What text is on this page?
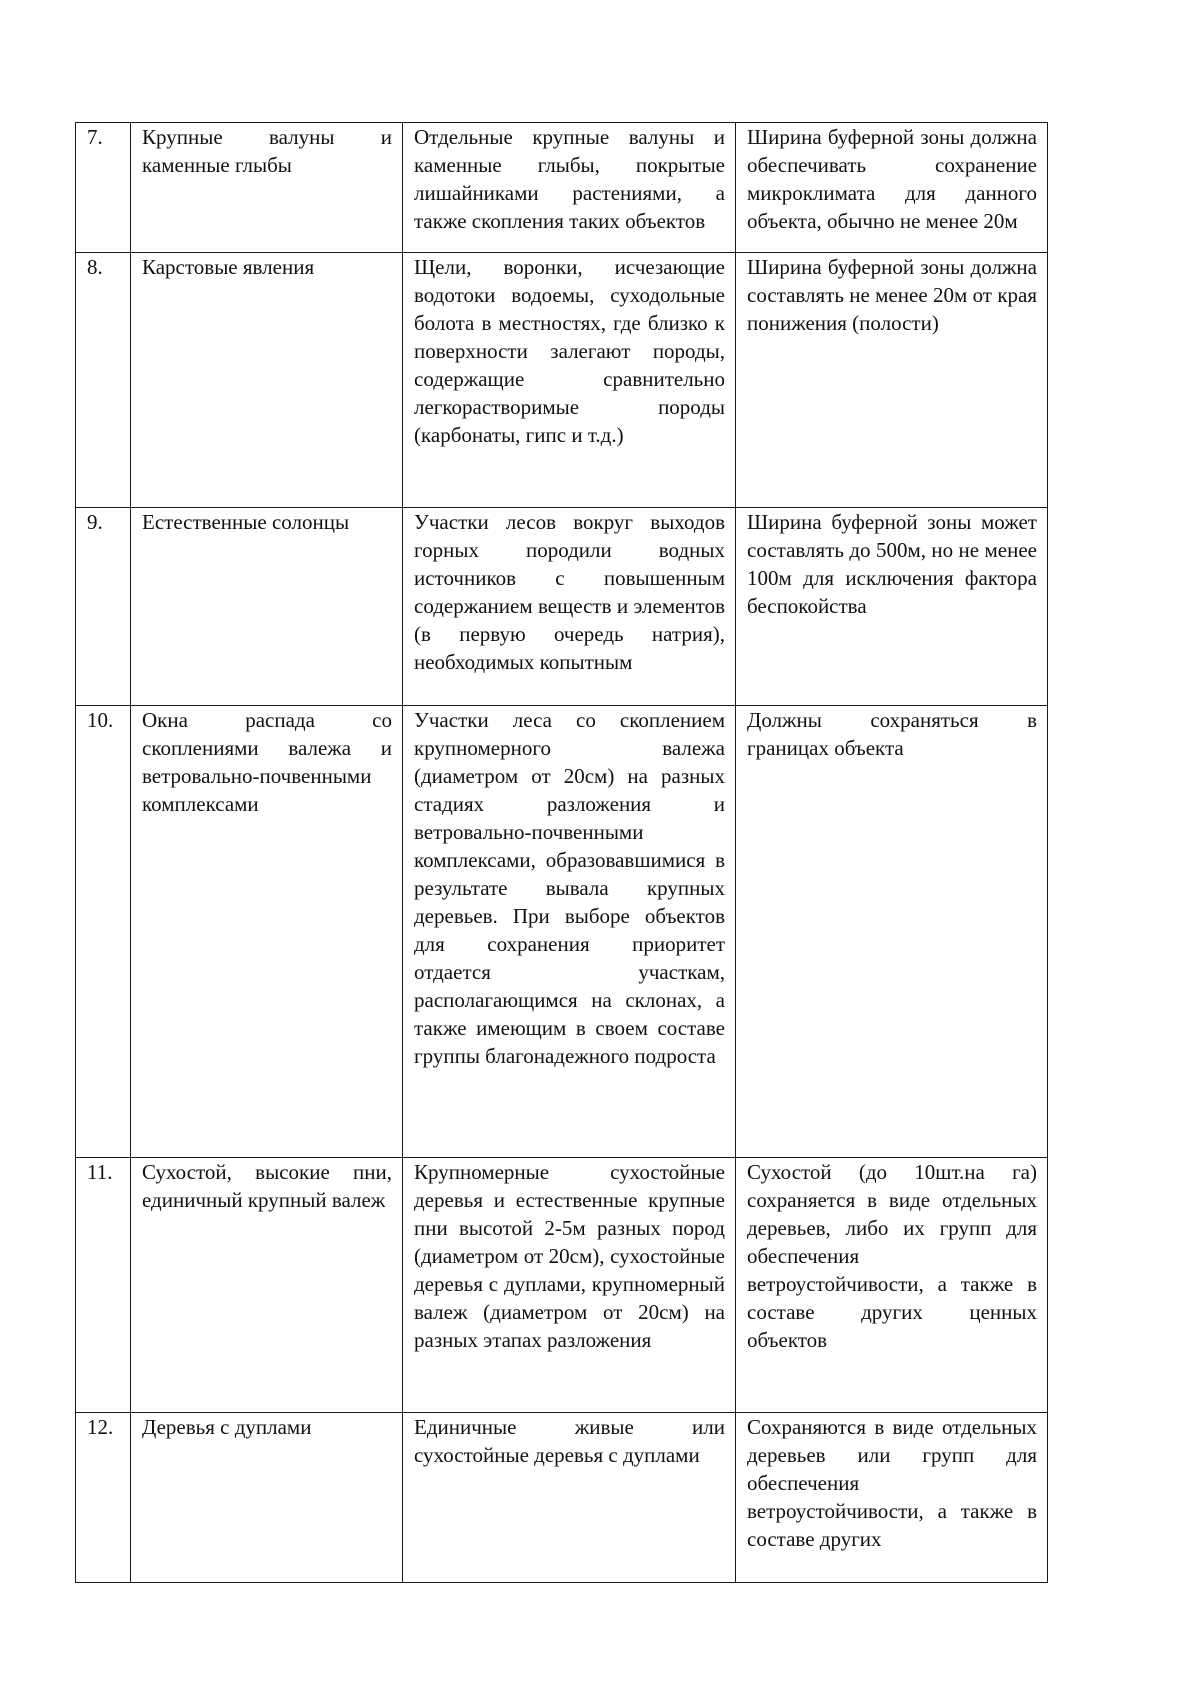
7.	Крупные валуны и каменные глыбы	Отдельные крупные валуны и каменные глыбы, покрытые лишайниками растениями, а также скопления таких объектов	Ширина буферной зоны должна обеспечивать сохранение микроклимата для данного объекта, обычно не менее 20м
8.	Карстовые явления	Щели, воронки, исчезающие водотоки водоемы, суходольные болота в местностях, где близко к поверхности залегают породы, содержащие сравнительно легкорастворимые породы (карбонаты, гипс и т.д.)	Ширина буферной зоны должна составлять не менее 20м от края понижения (полости)
9.	Естественные солонцы	Участки лесов вокруг выходов горных породили водных источников с повышенным содержанием веществ и элементов (в первую очередь натрия), необходимых копытным	Ширина буферной зоны может составлять до 500м, но не менее 100м для исключения фактора беспокойства
10.	Окна распада со скоплениями валежа и ветровально-почвенными комплексами	Участки леса со скоплением крупномерного валежа (диаметром от 20см) на разных стадиях разложения и ветровально-почвенными комплексами, образовавшимися в результате вывала крупных деревьев. При выборе объектов для сохранения приоритет отдается участкам, располагающимся на склонах, а также имеющим в своем составе группы благонадежного подроста	Должны сохраняться в границах объекта
11.	Сухостой, высокие пни, единичный крупный валеж	Крупномерные сухостойные деревья и естественные крупные пни высотой 2-5м разных пород (диаметром от 20см), сухостойные деревья с дуплами, крупномерный валеж (диаметром от 20см) на разных этапах разложения	Сухостой (до 10шт.на га) сохраняется в виде отдельных деревьев, либо их групп для обеспечения ветроустойчивости, а также в составе других ценных объектов
12.	Деревья с дуплами	Единичные живые или сухостойные деревья с дуплами	Сохраняются в виде отдельных деревьев или групп для обеспечения ветроустойчивости, а также в составе других
